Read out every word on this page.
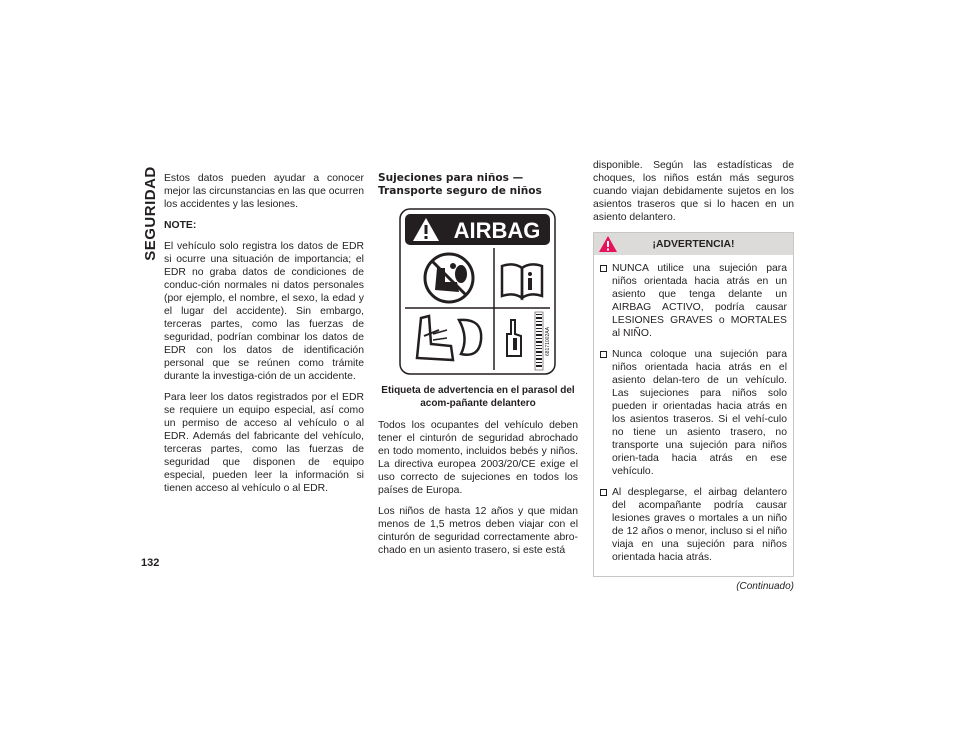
SEGURIDAD
132

Estos datos pueden ayudar a conocer mejor las circunstancias en las que ocurren los accidentes y las lesiones.

NOTE:

El vehículo solo registra los datos de EDR si ocurre una situación de importancia; el EDR no graba datos de condiciones de conduc-ción normales ni datos personales (por ejemplo, el nombre, el sexo, la edad y el lugar del accidente). Sin embargo, terceras partes, como las fuerzas de seguridad, podrían combinar los datos de EDR con los datos de identificación personal que se reúnen como trámite durante la investiga-ción de un accidente.

Para leer los datos registrados por el EDR se requiere un equipo especial, así como un permiso de acceso al vehículo o al EDR. Además del fabricante del vehículo, terceras partes, como las fuerzas de seguridad que disponen de equipo especial, pueden leer la información si tienen acceso al vehículo o al EDR.

Sujeciones para niños — Transporte seguro de niños
AIRBAG
68171002AA
Etiqueta de advertencia en el parasol del acom-pañante delantero

Todos los ocupantes del vehículo deben tener el cinturón de seguridad abrochado en todo momento, incluidos bebés y niños. La directiva europea 2003/20/CE exige el uso correcto de sujeciones en todos los países de Europa.

Los niños de hasta 12 años y que midan menos de 1,5 metros deben viajar con el cinturón de seguridad correctamente abro-chado en un asiento trasero, si este está

disponible. Según las estadísticas de choques, los niños están más seguros cuando viajan debidamente sujetos en los asientos traseros que si lo hacen en un asiento delantero.

¡ADVERTENCIA!
NUNCA utilice una sujeción para niños orientada hacia atrás en un asiento que tenga delante un AIRBAG ACTIVO, podría causar LESIONES GRAVES o MORTALES al NIÑO.
Nunca coloque una sujeción para niños orientada hacia atrás en el asiento delan-tero de un vehículo. Las sujeciones para niños solo pueden ir orientadas hacia atrás en los asientos traseros. Si el vehí-culo no tiene un asiento trasero, no transporte una sujeción para niños orien-tada hacia atrás en ese vehículo.
Al desplegarse, el airbag delantero del acompañante podría causar lesiones graves o mortales a un niño de 12 años o menor, incluso si el niño viaja en una sujeción para niños orientada hacia atrás.
(Continuado)
